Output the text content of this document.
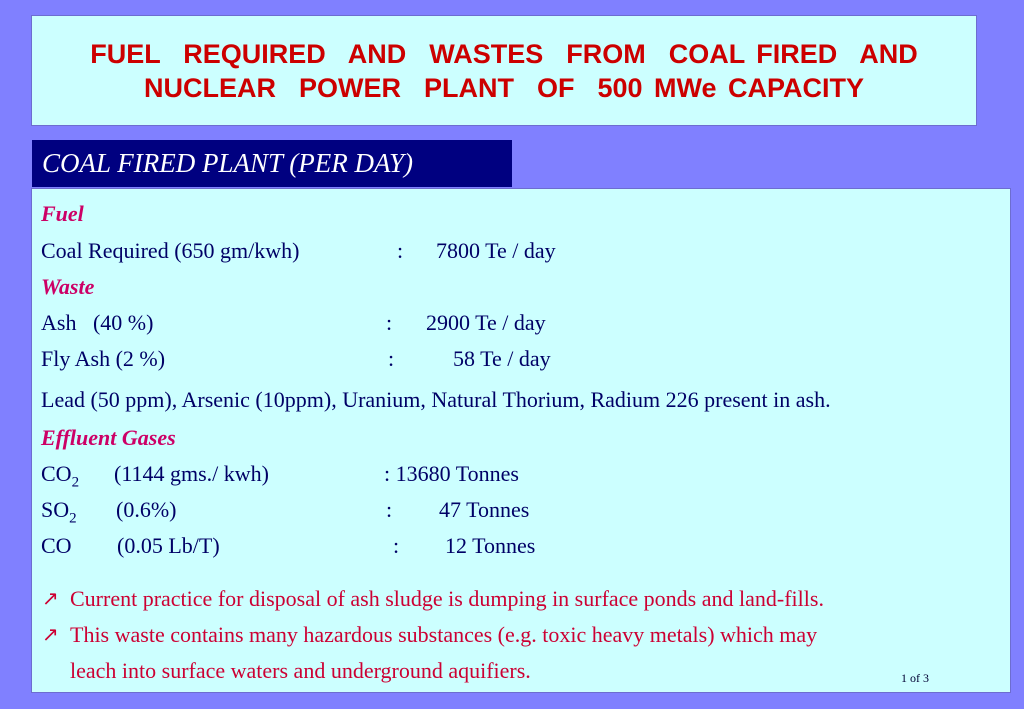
FUEL  REQUIRED  AND  WASTES  FROM  COAL FIRED  AND
NUCLEAR  POWER  PLANT  OF  500 MWe CAPACITY
COAL FIRED PLANT (PER DAY)
Fuel
Coal Required (650 gm/kwh)	: 7800 Te / day
Waste
Ash   (40 %)	: 2900 Te / day
Fly Ash (2 %)	:	58 Te / day
Lead (50 ppm), Arsenic (10ppm), Uranium, Natural Thorium, Radium 226 present in ash.
Effluent Gases
$CO_2$ (1144 gms./ kwh)	: 13680 Tonnes
$SO_2$ (0.6%)	: 47 Tonnes
CO (0.05 Lb/T)	: 12 Tonnes
↗ Current practice for disposal of ash sludge is dumping in surface ponds and land-fills.
↗ This waste contains many hazardous substances (e.g. toxic heavy metals) which may
leach into surface waters and underground aquifiers.	1 of 3
